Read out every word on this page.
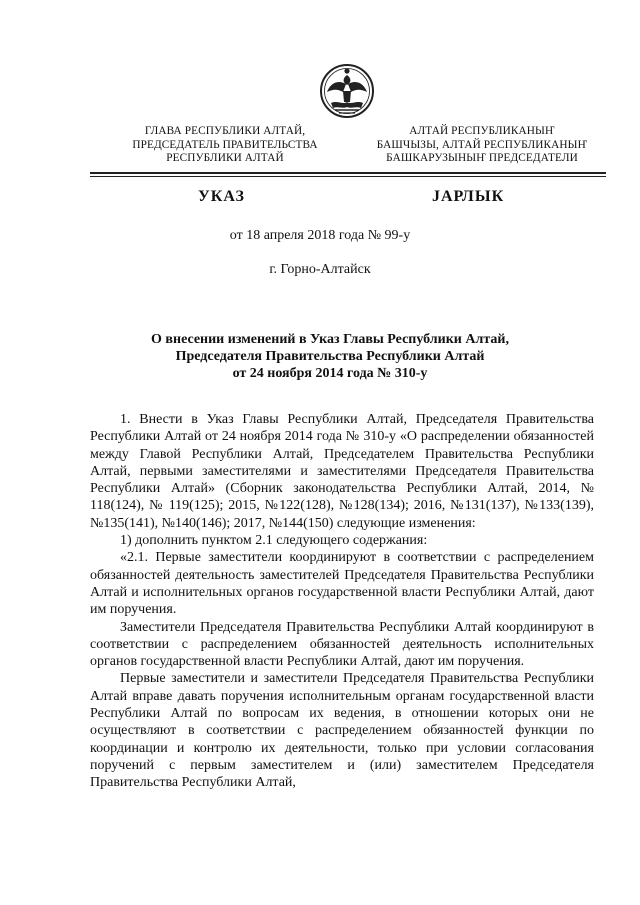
ГЛАВА РЕСПУБЛИКИ АЛТАЙ,
ПРЕДСЕДАТЕЛЬ ПРАВИТЕЛЬСТВА
РЕСПУБЛИКИ АЛТАЙ
АЛТАЙ РЕСПУБЛИКАНЫҤ
БАШЧЫЗЫ, АЛТАЙ РЕСПУБЛИКАНЫҤ
БАШКАРУЗЫНЫҤ ПРЕДСЕДАТЕЛИ
УКАЗ	JАРЛЫК
от 18 апреля 2018 года № 99-у
г. Горно-Алтайск
О внесении изменений в Указ Главы Республики Алтай,
Председателя Правительства Республики Алтай
от 24 ноября 2014 года № 310-у

1. Внести в Указ Главы Республики Алтай, Председателя Правительства Республики Алтай от 24 ноября 2014 года № 310-у «О распределении обязанностей между Главой Республики Алтай, Председателем Правительства Республики Алтай, первыми заместителями и заместителями Председателя Правительства Республики Алтай» (Сборник законодательства Республики Алтай, 2014, № 118(124), № 119(125); 2015, №122(128), №128(134); 2016, №131(137), №133(139), №135(141), №140(146); 2017, №144(150) следующие изменения:

1) дополнить пунктом 2.1 следующего содержания:

«2.1. Первые заместители координируют в соответствии с распределением обязанностей деятельность заместителей Председателя Правительства Республики Алтай и исполнительных органов государственной власти Республики Алтай, дают им поручения.

Заместители Председателя Правительства Республики Алтай координируют в соответствии с распределением обязанностей деятельность исполнительных органов государственной власти Республики Алтай, дают им поручения.

Первые заместители и заместители Председателя Правительства Республики Алтай вправе давать поручения исполнительным органам государственной власти Республики Алтай по вопросам их ведения, в отношении которых они не осуществляют в соответствии с распределением обязанностей функции по координации и контролю их деятельности, только при условии согласования поручений с первым заместителем и (или) заместителем Председателя Правительства Республики Алтай,
